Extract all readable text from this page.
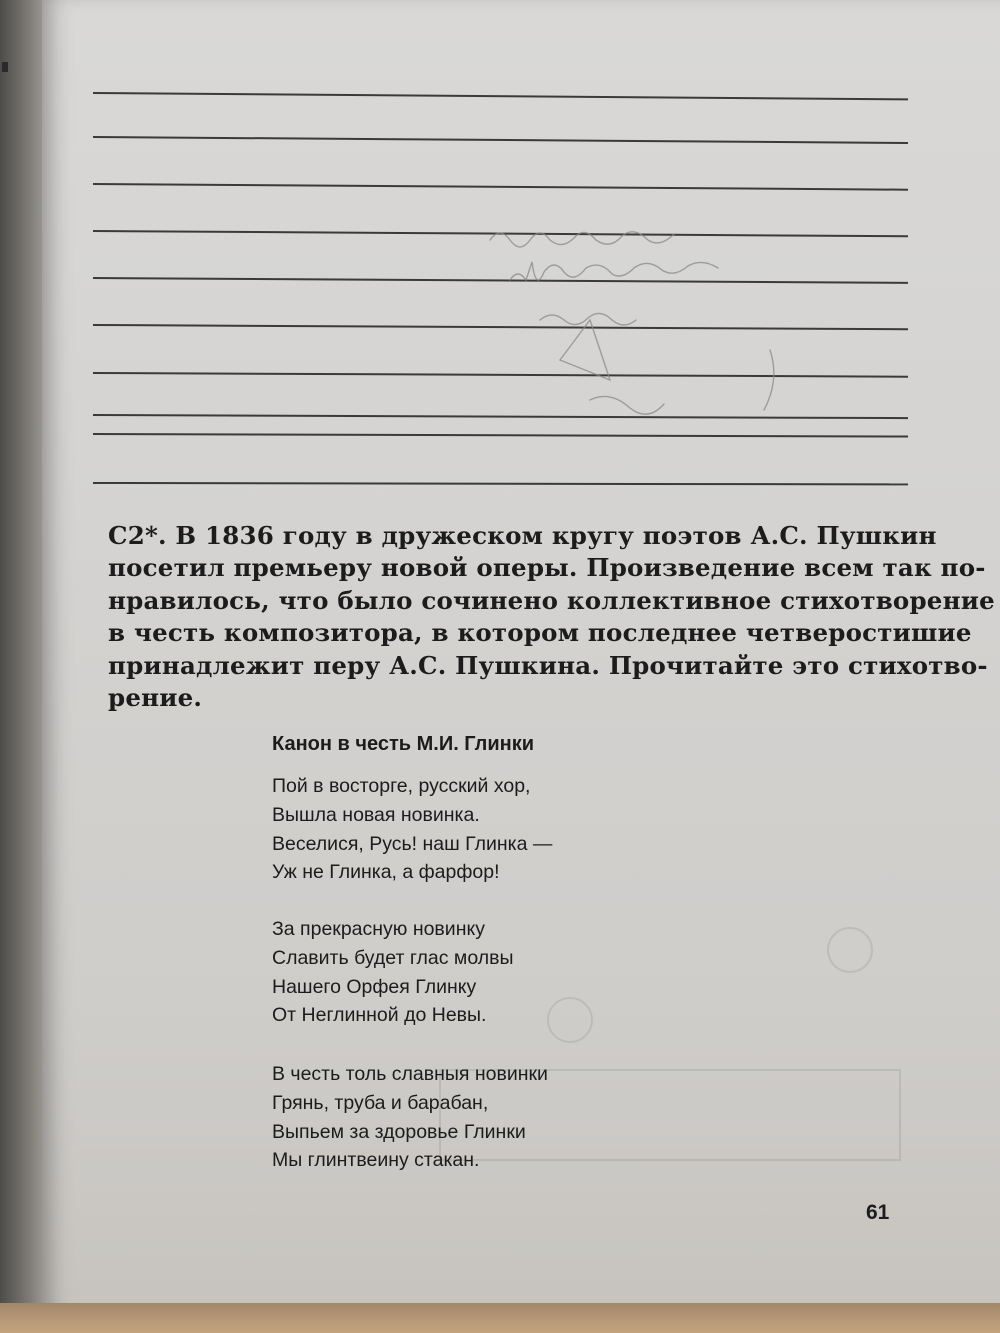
С2*. В 1836 году в дружеском кругу поэтов А.С. Пушкин
посетил премьеру новой оперы. Произведение всем так по-
нравилось, что было сочинено коллективное стихотворение
в честь композитора, в котором последнее четверостишие
принадлежит перу А.С. Пушкина. Прочитайте это стихотво-
рение.
Канон в честь М.И. Глинки
Пой в восторге, русский хор,
Вышла новая новинка.
Веселися, Русь! наш Глинка —
Уж не Глинка, а фарфор!
За прекрасную новинку
Славить будет глас молвы
Нашего Орфея Глинку
От Неглинной до Невы.
В честь толь славныя новинки
Грянь, труба и барабан,
Выпьем за здоровье Глинки
Мы глинтвеину стакан.
61
